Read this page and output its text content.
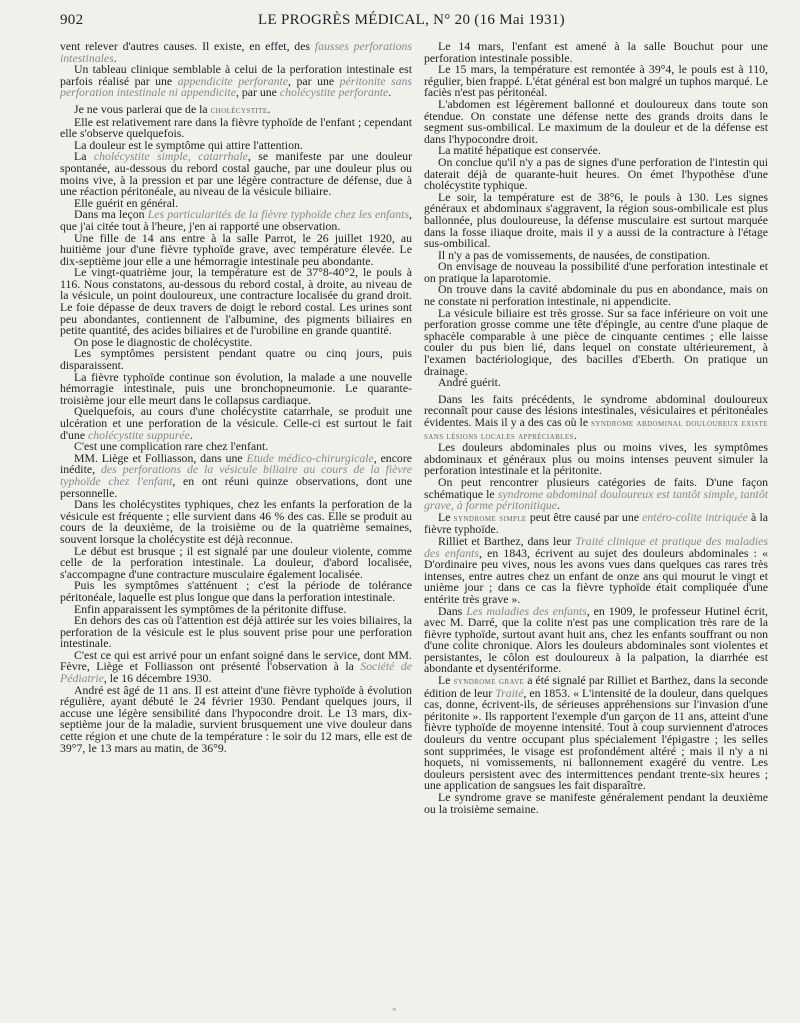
902	LE PROGRÈS MÉDICAL, N° 20 (16 Mai 1931)

vent relever d'autres causes. Il existe, en effet, des fausses perforations intestinales.

Un tableau clinique semblable à celui de la perforation intestinale est parfois réalisé par une appendicite perforante, par une péritonite sans perforation intestinale ni appendicite, par une cholécystite perforante.

Je ne vous parlerai que de la cholécystite.

Elle est relativement rare dans la fièvre typhoïde de l'enfant ; cependant elle s'observe quelquefois.

La douleur est le symptôme qui attire l'attention.

La cholécystite simple, catarrhale, se manifeste par une douleur spontanée, au-dessous du rebord costal gauche, par une douleur plus ou moins vive, à la pression et par une légère contracture de défense, due à une réaction péritonéale, au niveau de la vésicule biliaire.

Elle guérit en général.

Dans ma leçon Les particularités de la fièvre typhoïde chez les enfants, que j'ai citée tout à l'heure, j'en ai rapporté une observation.

Une fille de 14 ans entre à la salle Parrot, le 26 juillet 1920, au huitième jour d'une fièvre typhoïde grave, avec température élevée. Le dix-septième jour elle a une hémorragie intestinale peu abondante.

Le vingt-quatrième jour, la température est de 37°8-40°2, le pouls à 116. Nous constatons, au-dessous du rebord costal, à droite, au niveau de la vésicule, un point douloureux, une contracture localisée du grand droit. Le foie dépasse de deux travers de doigt le rebord costal. Les urines sont peu abondantes, contiennent de l'albumine, des pigments biliaires en petite quantité, des acides biliaires et de l'urobiline en grande quantité.

On pose le diagnostic de cholécystite.

Les symptômes persistent pendant quatre ou cinq jours, puis disparaissent.

La fièvre typhoïde continue son évolution, la malade a une nouvelle hémorragie intestinale, puis une bronchopneumonie. Le quarante-troisième jour elle meurt dans le collapsus cardiaque.

Quelquefois, au cours d'une cholécystite catarrhale, se produit une ulcération et une perforation de la vésicule. Celle-ci est surtout le fait d'une cholécystite suppurée.

C'est une complication rare chez l'enfant.

MM. Liège et Folliasson, dans une Etude médico-chirurgicale, encore inédite, des perforations de la vésicule biliaire au cours de la fièvre typhoïde chez l'enfant, en ont réuni quinze observations, dont une personnelle.

Dans les cholécystites typhiques, chez les enfants la perforation de la vésicule est fréquente ; elle survient dans 46 % des cas. Elle se produit au cours de la deuxième, de la troisième ou de la quatrième semaines, souvent lorsque la cholécystite est déjà reconnue.

Le début est brusque ; il est signalé par une douleur violente, comme celle de la perforation intestinale. La douleur, d'abord localisée, s'accompagne d'une contracture musculaire également localisée.

Puis les symptômes s'atténuent ; c'est la période de tolérance péritonéale, laquelle est plus longue que dans la perforation intestinale.

Enfin apparaissent les symptômes de la péritonite diffuse.

En dehors des cas où l'attention est déjà attirée sur les voies biliaires, la perforation de la vésicule est le plus souvent prise pour une perforation intestinale.

C'est ce qui est arrivé pour un enfant soigné dans le service, dont MM. Fèvre, Liège et Folliasson ont présenté l'observation à la Société de Pédiatrie, le 16 décembre 1930.

André est âgé de 11 ans. Il est atteint d'une fièvre typhoïde à évolution régulière, ayant débuté le 24 février 1930. Pendant quelques jours, il accuse une légère sensibilité dans l'hypocondre droit. Le 13 mars, dix-septième jour de la maladie, survient brusquement une vive douleur dans cette région et une chute de la température : le soir du 12 mars, elle est de 39°7, le 13 mars au matin, de 36°9.

Le 14 mars, l'enfant est amené à la salle Bouchut pour une perforation intestinale possible.

Le 15 mars, la température est remontée à 39°4, le pouls est à 110, régulier, bien frappé. L'état général est bon malgré un tuphos marqué. Le faciès n'est pas péritonéal.

L'abdomen est légèrement ballonné et douloureux dans toute son étendue. On constate une défense nette des grands droits dans le segment sus-ombilical. Le maximum de la douleur et de la défense est dans l'hypocondre droit.

La matité hépatique est conservée.

On conclue qu'il n'y a pas de signes d'une perforation de l'intestin qui daterait déjà de quarante-huit heures. On émet l'hypothèse d'une cholécystite typhique.

Le soir, la température est de 38°6, le pouls à 130. Les signes généraux et abdominaux s'aggravent, la région sous-ombilicale est plus ballonnée, plus douloureuse, la défense musculaire est surtout marquée dans la fosse iliaque droite, mais il y a aussi de la contracture à l'étage sus-ombilical.

Il n'y a pas de vomissements, de nausées, de constipation.

On envisage de nouveau la possibilité d'une perforation intestinale et on pratique la laparotomie.

On trouve dans la cavité abdominale du pus en abondance, mais on ne constate ni perforation intestinale, ni appendicite.

La vésicule biliaire est très grosse. Sur sa face inférieure on voit une perforation grosse comme une tête d'épingle, au centre d'une plaque de sphacèle comparable à une pièce de cinquante centimes ; elle laisse couler du pus bien lié, dans lequel on constate ultérieurement, à l'examen bactériologique, des bacilles d'Eberth. On pratique un drainage.

André guérit.

Dans les faits précédents, le syndrome abdominal douloureux reconnaît pour cause des lésions intestinales, vésiculaires et péritonéales évidentes. Mais il y a des cas où le syndrome abdominal douloureux existe sans lésions locales appréciables.

Les douleurs abdominales plus ou moins vives, les symptômes abdominaux et généraux plus ou moins intenses peuvent simuler la perforation intestinale et la péritonite.

On peut rencontrer plusieurs catégories de faits. D'une façon schématique le syndrome abdominal douloureux est tantôt simple, tantôt grave, à forme péritonitique.

Le syndrome simple peut être causé par une entéro-colite intriquée à la fièvre typhoïde.

Rilliet et Barthez, dans leur Traité clinique et pratique des maladies des enfants, en 1843, écrivent au sujet des douleurs abdominales : « D'ordinaire peu vives, nous les avons vues dans quelques cas rares très intenses, entre autres chez un enfant de onze ans qui mourut le vingt et unième jour ; dans ce cas la fièvre typhoïde était compliquée d'une entérite très grave ».

Dans Les maladies des enfants, en 1909, le professeur Hutinel écrit, avec M. Darré, que la colite n'est pas une complication très rare de la fièvre typhoïde, surtout avant huit ans, chez les enfants souffrant ou non d'une colite chronique. Alors les douleurs abdominales sont violentes et persistantes, le côlon est douloureux à la palpation, la diarrhée est abondante et dysentériforme.

Le syndrome grave a été signalé par Rilliet et Barthez, dans la seconde édition de leur Traité, en 1853. « L'intensité de la douleur, dans quelques cas, donne, écrivent-ils, de sérieuses appréhensions sur l'invasion d'une péritonite ». Ils rapportent l'exemple d'un garçon de 11 ans, atteint d'une fièvre typhoïde de moyenne intensité. Tout à coup surviennent d'atroces douleurs du ventre occupant plus spécialement l'épigastre ; les selles sont supprimées, le visage est profondément altéré ; mais il n'y a ni hoquets, ni vomissements, ni ballonnement exagéré du ventre. Les douleurs persistent avec des intermittences pendant trente-six heures ; une application de sangsues les fait disparaître.

Le syndrome grave se manifeste généralement pendant la deuxième ou la troisième semaine.

*
